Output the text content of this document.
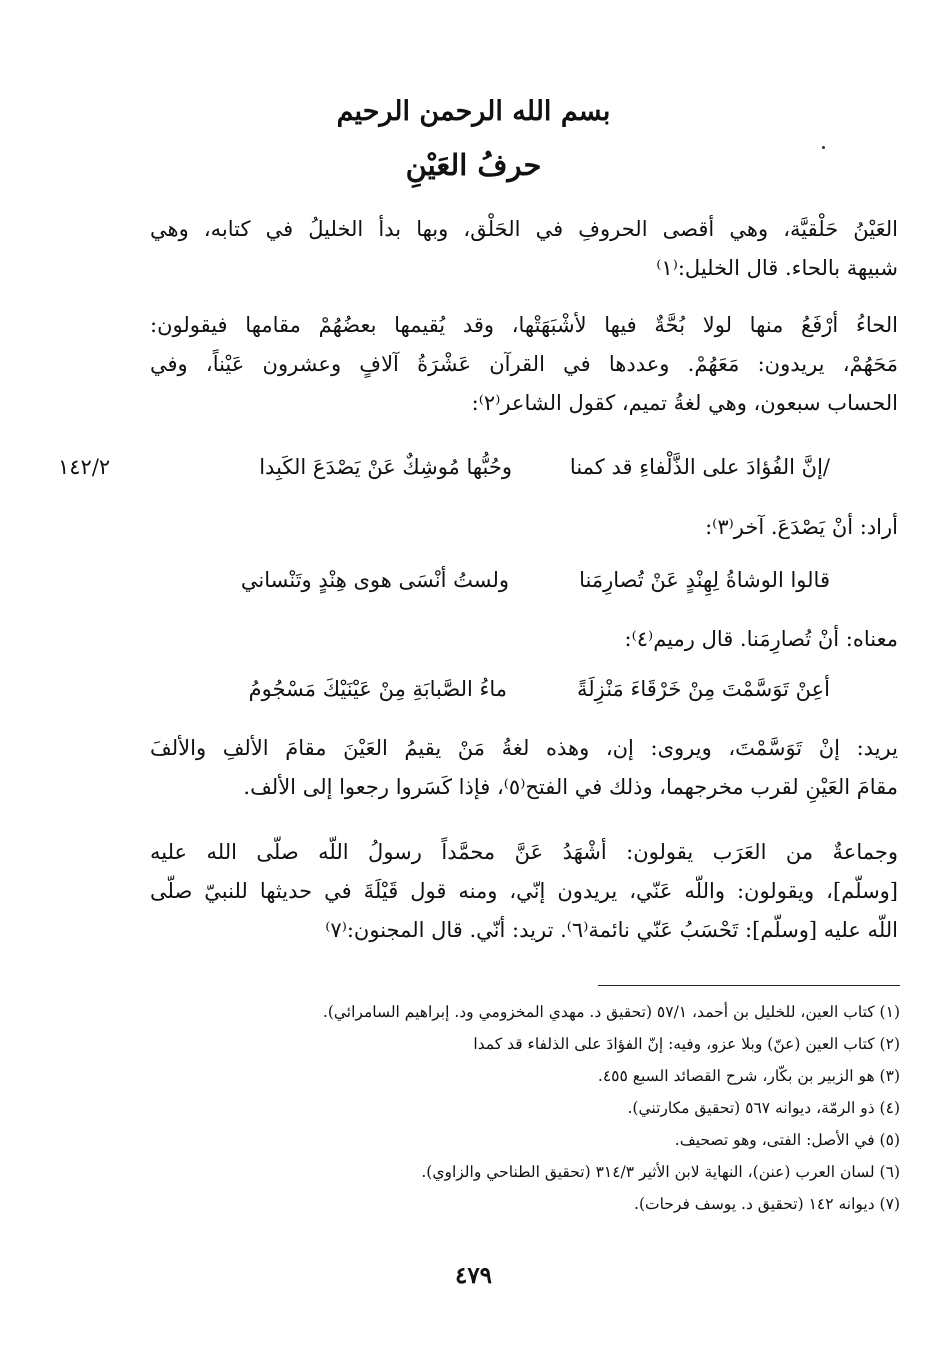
بسم الله الرحمن الرحيم
حرفُ العَيْنِ
العَيْنُ حَلْقيَّة، وهي أقصى الحروفِ في الحَلْق، وبها بدأ الخليلُ في كتابه، وهي
شبيهة بالحاء. قال الخليل:⁽١⁾
الحاءُ أرْفَعُ منها لولا بُحَّةٌ فيها لأشْبَهَتْها، وقد يُقيمها بعضُهُمْ مقامها فيقولون:
مَحَهُمْ، يريدون: مَعَهُمْ. وعددها في القرآن عَشْرَةُ آلافٍ وعشرون عَيْناً، وفي
الحساب سبعون، وهي لغةُ تميم، كقول الشاعر⁽٢⁾:
/إنَّ الفُؤادَ على الذَّلْفاءِ قد كمنا
وحُبُّها مُوشِكٌ عَنْ يَصْدَعَ الكَبِدا
١٤٢/٢
أراد: أنْ يَصْدَعَ. آخر⁽٣⁾:
قالوا الوشاةُ لِهِنْدٍ عَنْ تُصارِمَنا
ولستُ أنْسَى هوى هِنْدٍ وتَنْساني
معناه: أنْ تُصارِمَنا. قال رميم⁽٤⁾:
أعِنْ تَوَسَّمْتَ مِنْ خَرْقَاءَ مَنْزِلَةً
ماءُ الصَّبابَةِ مِنْ عَيْنَيْكَ مَسْجُومُ
يريد: إنْ تَوَسَّمْتَ، ويروى: إن، وهذه لغةُ مَنْ يقيمُ العَيْنَ مقامَ الألفِ والألفَ
مقامَ العَيْنِ لقرب مخرجهما، وذلك في الفتح⁽٥⁾، فإذا كَسَروا رجعوا إلى الألف.
وجماعةٌ من العَرَب يقولون: أشْهَدُ عَنَّ محمَّداً رسولُ اللّه صلّى الله عليه
[وسلّم]، ويقولون: واللّه عَنّي، يريدون إنّي، ومنه قول قَيْلَةَ في حديثها للنبيّ صلّى
اللّه عليه [وسلّم]: تَحْسَبُ عَنّي نائمة⁽٦⁾. تريد: أنّي. قال المجنون:⁽٧⁾
(١) كتاب العين، للخليل بن أحمد، ٥٧/١ (تحقيق د. مهدي المخزومي ود. إبراهيم السامرائي).
(٢) كتاب العين (عنّ) وبلا عزو، وفيه: إنّ الفؤادَ على الذلفاء قد كمدا
(٣) هو الزبير بن بكّار، شرح القصائد السبع ٤٥٥.
(٤) ذو الرمّة، ديوانه ٥٦٧ (تحقيق مكارتني).
(٥) في الأصل: الفتى، وهو تصحيف.
(٦) لسان العرب (عنن)، النهاية لابن الأثير ٣١٤/٣ (تحقيق الطناحي والزاوي).
(٧) ديوانه ١٤٢ (تحقيق د. يوسف فرحات).
٤٧٩
